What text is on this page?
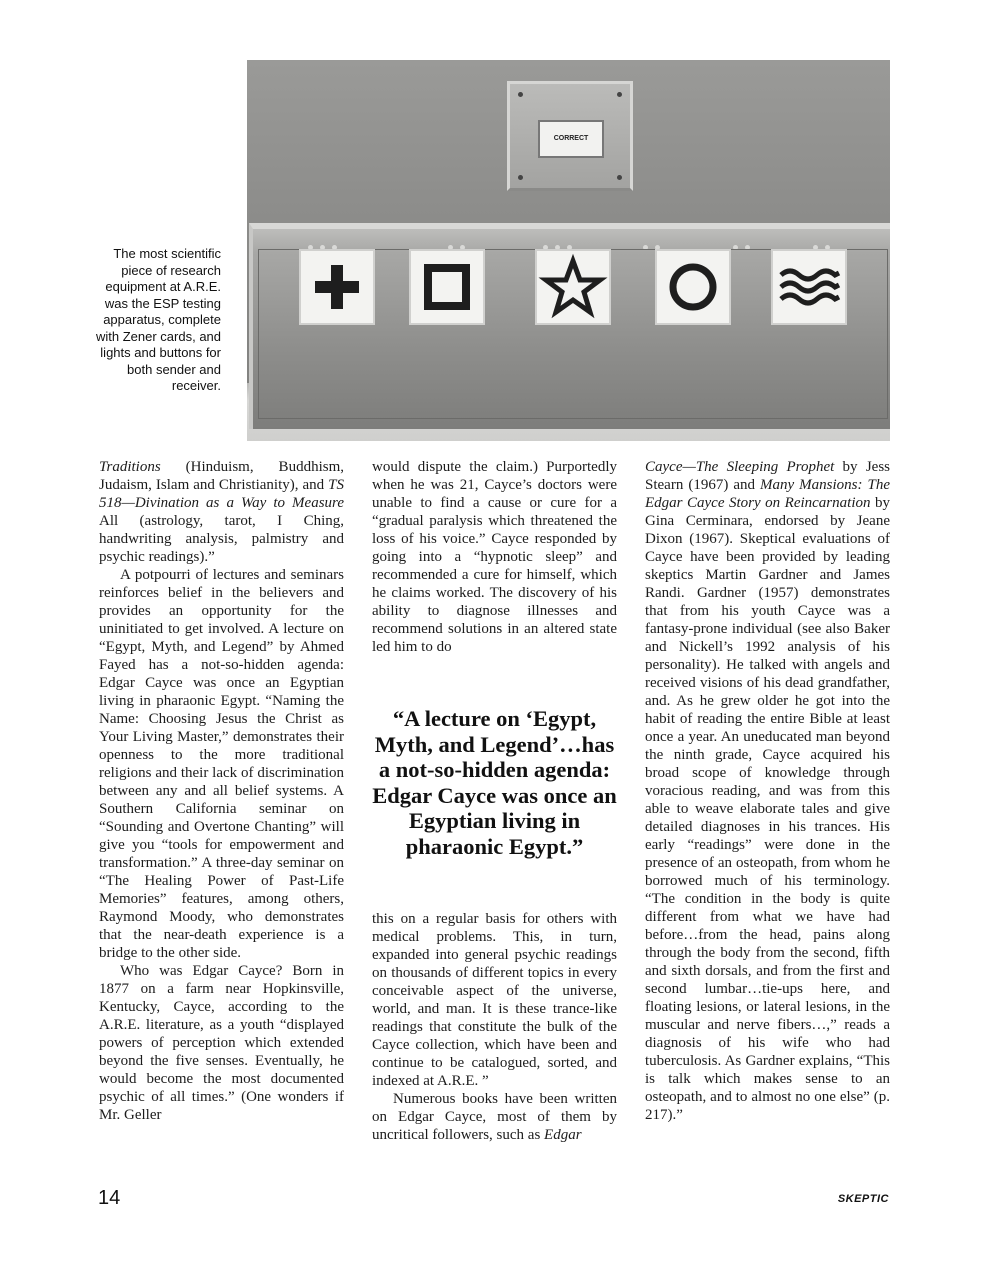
The most scientific piece of research equipment at A.R.E. was the ESP testing apparatus, complete with Zener cards, and lights and buttons for both sender and receiver.
CORRECT

Traditions (Hinduism, Buddhism, Judaism, Islam and Christianity), and TS 518—Divination as a Way to Measure All (astrology, tarot, I Ching, handwriting analysis, palmistry and psychic readings).”

A potpourri of lectures and seminars reinforces belief in the believers and provides an opportunity for the uninitiated to get involved. A lecture on “Egypt, Myth, and Legend” by Ahmed Fayed has a not-so-hidden agenda: Edgar Cayce was once an Egyptian living in pharaonic Egypt. “Naming the Name: Choosing Jesus the Christ as Your Living Master,” demonstrates their openness to the more traditional religions and their lack of discrimination between any and all belief systems. A Southern California seminar on “Sounding and Overtone Chanting” will give you “tools for empowerment and transformation.” A three-day seminar on “The Healing Power of Past-Life Memories” features, among others, Raymond Moody, who demonstrates that the near-death experience is a bridge to the other side.

Who was Edgar Cayce? Born in 1877 on a farm near Hopkinsville, Kentucky, Cayce, according to the A.R.E. literature, as a youth “displayed powers of perception which extended beyond the five senses. Eventually, he would become the most documented psychic of all times.” (One wonders if Mr. Geller

would dispute the claim.) Purportedly when he was 21, Cayce’s doctors were unable to find a cause or cure for a “gradual paralysis which threatened the loss of his voice.” Cayce responded by going into a “hypnotic sleep” and recommended a cure for himself, which he claims worked. The discovery of his ability to diagnose illnesses and recommend solutions in an altered state led him to do

“A lecture on ‘Egypt, Myth, and Legend’…has a not-so-hidden agenda: Edgar Cayce was once an Egyptian living in pharaonic Egypt.”

this on a regular basis for others with medical problems. This, in turn, expanded into general psychic readings on thousands of different topics in every conceivable aspect of the universe, world, and man. It is these trance-like readings that constitute the bulk of the Cayce collection, which have been and continue to be catalogued, sorted, and indexed at A.R.E. ”

Numerous books have been written on Edgar Cayce, most of them by uncritical followers, such as Edgar

Cayce—The Sleeping Prophet by Jess Stearn (1967) and Many Mansions: The Edgar Cayce Story on Reincarnation by Gina Cerminara, endorsed by Jeane Dixon (1967). Skeptical evaluations of Cayce have been provided by leading skeptics Martin Gardner and James Randi. Gardner (1957) demonstrates that from his youth Cayce was a fantasy-prone individual (see also Baker and Nickell’s 1992 analysis of his personality). He talked with angels and received visions of his dead grandfather, and. As he grew older he got into the habit of reading the entire Bible at least once a year. An uneducated man beyond the ninth grade, Cayce acquired his broad scope of knowledge through voracious reading, and was from this able to weave elaborate tales and give detailed diagnoses in his trances. His early “readings” were done in the presence of an osteopath, from whom he borrowed much of his terminology. “The condition in the body is quite different from what we have had before…from the head, pains along through the body from the second, fifth and sixth dorsals, and from the first and second lumbar…tie-ups here, and floating lesions, or lateral lesions, in the muscular and nerve fibers…,” reads a diagnosis of his wife who had tuberculosis. As Gardner explains, “This is talk which makes sense to an osteopath, and to almost no one else” (p. 217).”

14	SKEPTIC
